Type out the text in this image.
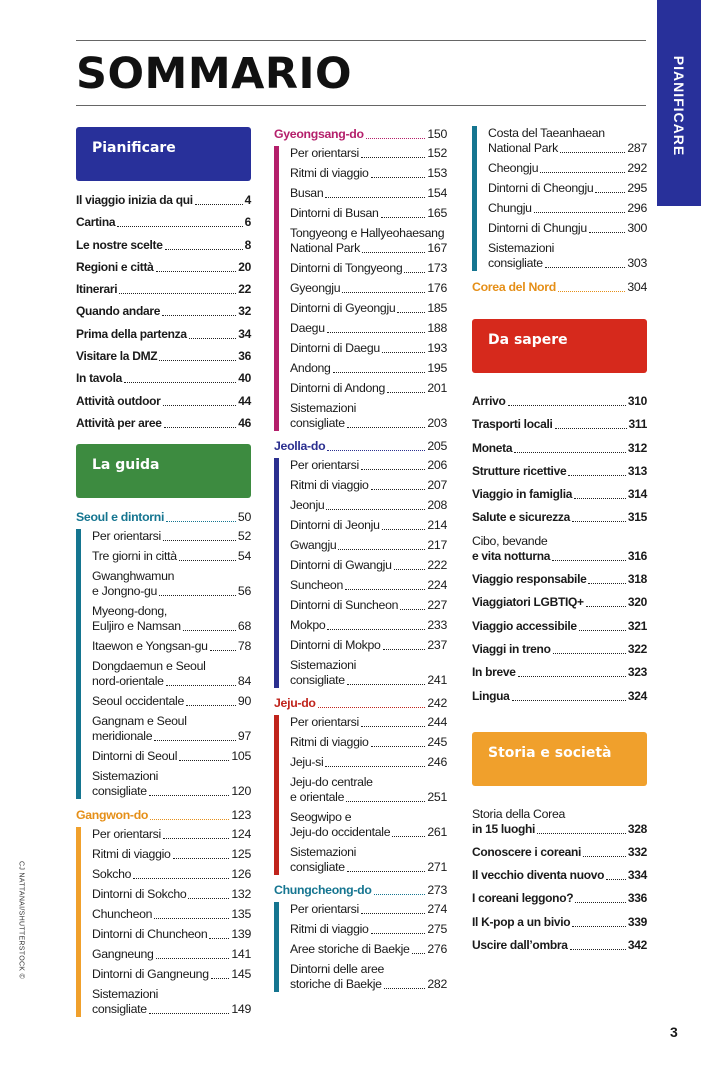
SOMMARIO	PIANIFICARE
CJ NATTANAI/SHUTTERSTOCK ©
3
Pianificare
Il viaggio inizia da qui	4
Cartina	6
Le nostre scelte	8
Regioni e città	20
Itinerari	22
Quando andare	32
Prima della partenza	34
Visitare la DMZ	36
In tavola	40
Attività outdoor	44
Attività per aree	46
La guida
Seoul e dintorni	50
Per orientarsi	52
Tre giorni in città	54
Gwanghwamun
e Jongno-gu	56
Myeong-dong,
Euljiro e Namsan	68
Itaewon e Yongsan-gu 78
Dongdaemun e Seoul
nord-orientale	84
Seoul occidentale	90
Gangnam e Seoul
meridionale	97
Dintorni di Seoul	105
Sistemazioni
consigliate	120
Gangwon-do	123
Per orientarsi	124
Ritmi di viaggio	125
Sokcho	126
Dintorni di Sokcho	132
Chuncheon	135
Dintorni di Chuncheon 139
Gangneung	141
Dintorni di Gangneung 145
Sistemazioni
consigliate	149
Gyeongsang-do	150
Per orientarsi	152
Ritmi di viaggio	153
Busan	154
Dintorni di Busan	165
Tongyeong e Hallyeohaesang
National Park	167
Dintorni di Tongyeong 173
Gyeongju	176
Dintorni di Gyeongju	185
Daegu	188
Dintorni di Daegu	193
Andong	195
Dintorni di Andong	201
Sistemazioni
consigliate	203
Jeolla-do	205
Per orientarsi	206
Ritmi di viaggio	207
Jeonju	208
Dintorni di Jeonju	214
Gwangju	217
Dintorni di Gwangju	222
Suncheon	224
Dintorni di Suncheon 227
Mokpo	233
Dintorni di Mokpo	237
Sistemazioni
consigliate	241
Jeju-do	242
Per orientarsi	244
Ritmi di viaggio	245
Jeju-si	246
Jeju-do centrale
e orientale	251
Seogwipo e
Jeju-do occidentale	261
Sistemazioni
consigliate	271
Chungcheong-do	273
Per orientarsi	274
Ritmi di viaggio	275
Aree storiche di Baekje 276
Dintorni delle aree
storiche di Baekje	282
Costa del Taeanhaean
National Park	287
Cheongju	292
Dintorni di Cheongju	295
Chungju	296
Dintorni di Chungju	300
Sistemazioni
consigliate	303
Corea del Nord	304
Da sapere
Arrivo	310
Trasporti locali	311
Moneta	312
Strutture ricettive	313
Viaggio in famiglia	314
Salute e sicurezza	315
Cibo, bevande
e vita notturna	316
Viaggio responsabile	318
Viaggiatori LGBTIQ+	320
Viaggio accessibile	321
Viaggi in treno	322
In breve	323
Lingua	324
Storia e società
Storia della Corea
in 15 luoghi	328
Conoscere i coreani	332
Il vecchio diventa nuovo 334
I coreani leggono?	336
Il K-pop a un bivio	339
Uscire dall’ombra	342
